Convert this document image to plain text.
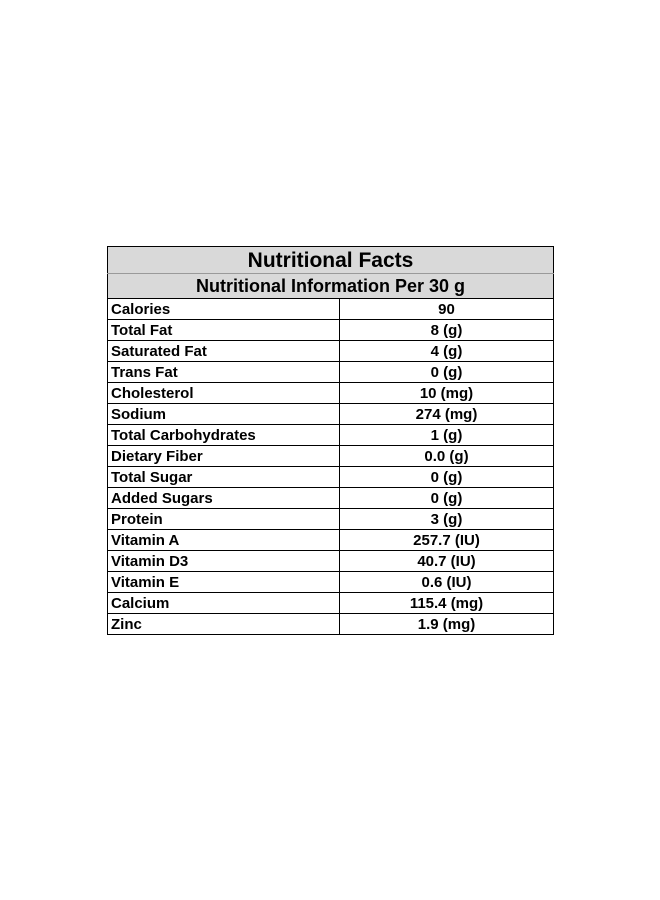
Nutritional Facts	
Nutritional Information Per 30 g	
Calories	90
Total Fat	8 (g)
Saturated Fat	4 (g)
Trans Fat	0 (g)
Cholesterol	10 (mg)
Sodium	274 (mg)
Total Carbohydrates	1 (g)
Dietary Fiber	0.0 (g)
Total Sugar	0 (g)
Added Sugars	0 (g)
Protein	3 (g)
Vitamin A	257.7 (IU)
Vitamin D3	40.7 (IU)
Vitamin E	0.6 (IU)
Calcium	115.4 (mg)
Zinc	1.9 (mg)
